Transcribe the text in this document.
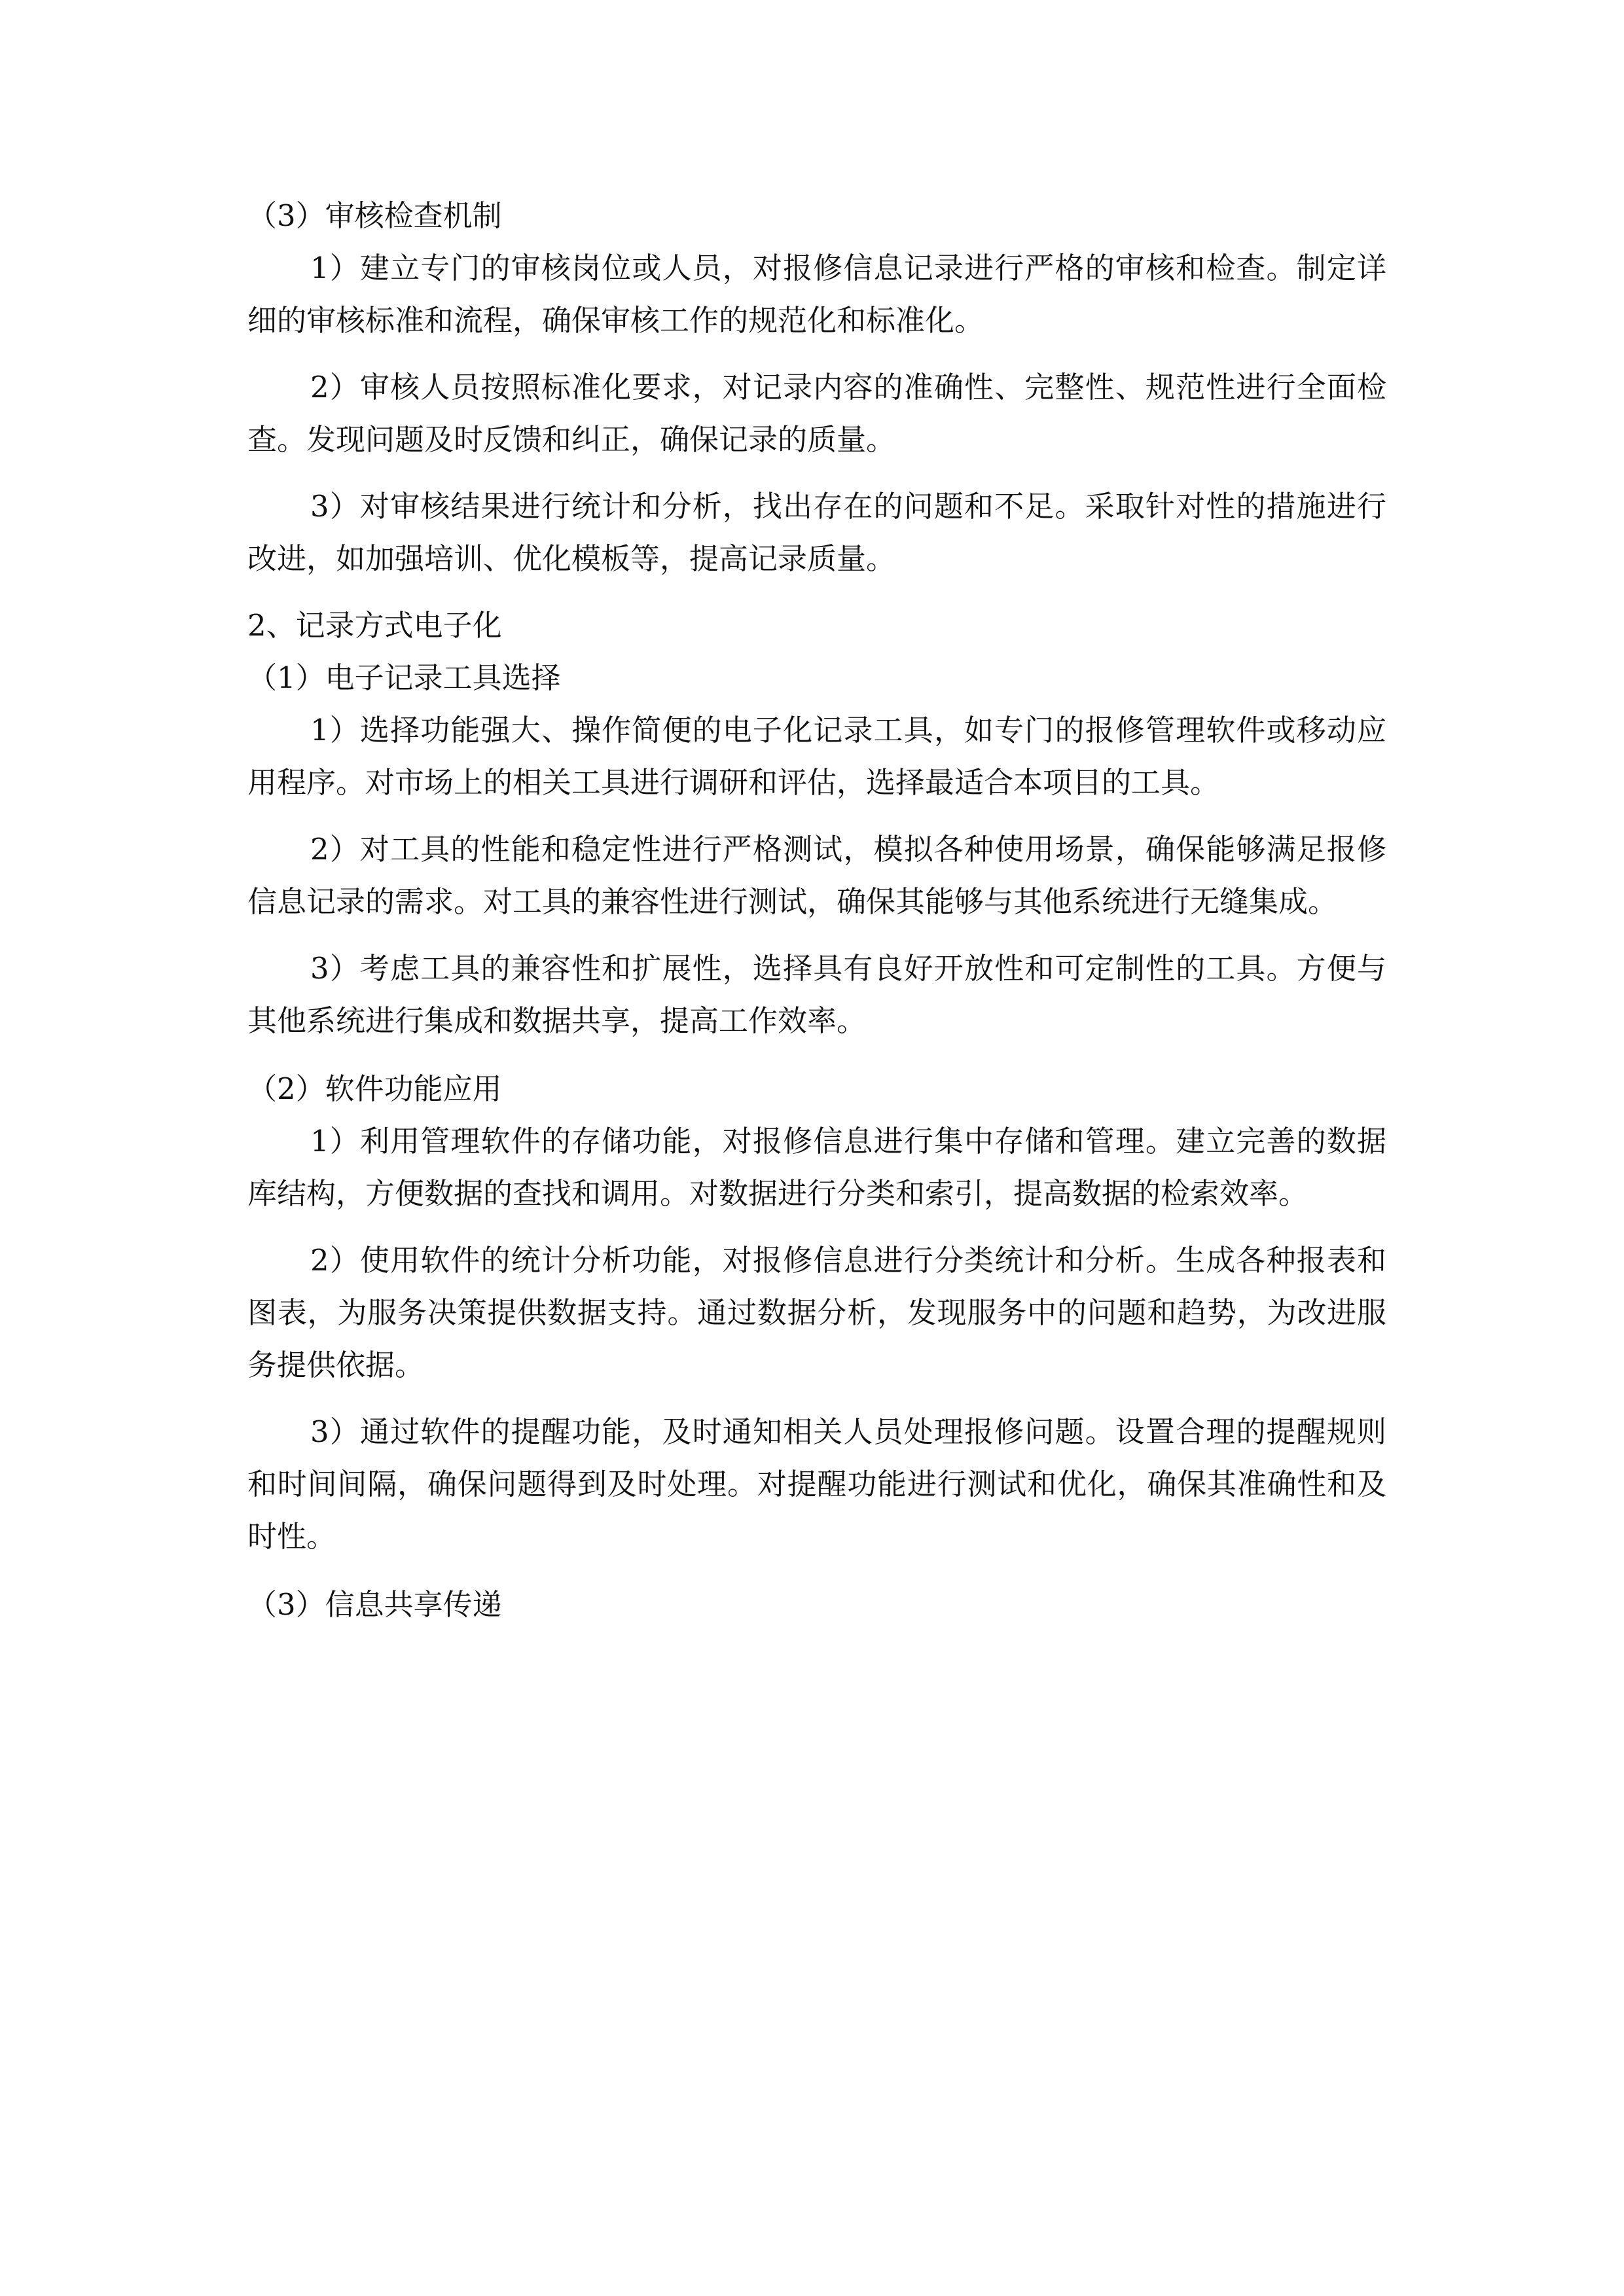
（3）审核检查机制

1）建立专门的审核岗位或人员，对报修信息记录进行严格的审核和检查。制定详细的审核标准和流程，确保审核工作的规范化和标准化。

2）审核人员按照标准化要求，对记录内容的准确性、完整性、规范性进行全面检查。发现问题及时反馈和纠正，确保记录的质量。

3）对审核结果进行统计和分析，找出存在的问题和不足。采取针对性的措施进行改进，如加强培训、优化模板等，提高记录质量。

2、记录方式电子化

（1）电子记录工具选择

1）选择功能强大、操作简便的电子化记录工具，如专门的报修管理软件或移动应用程序。对市场上的相关工具进行调研和评估，选择最适合本项目的工具。

2）对工具的性能和稳定性进行严格测试，模拟各种使用场景，确保能够满足报修信息记录的需求。对工具的兼容性进行测试，确保其能够与其他系统进行无缝集成。

3）考虑工具的兼容性和扩展性，选择具有良好开放性和可定制性的工具。方便与其他系统进行集成和数据共享，提高工作效率。

（2）软件功能应用

1）利用管理软件的存储功能，对报修信息进行集中存储和管理。建立完善的数据库结构，方便数据的查找和调用。对数据进行分类和索引，提高数据的检索效率。

2）使用软件的统计分析功能，对报修信息进行分类统计和分析。生成各种报表和图表，为服务决策提供数据支持。通过数据分析，发现服务中的问题和趋势，为改进服务提供依据。

3）通过软件的提醒功能，及时通知相关人员处理报修问题。设置合理的提醒规则和时间间隔，确保问题得到及时处理。对提醒功能进行测试和优化，确保其准确性和及时性。

（3）信息共享传递
